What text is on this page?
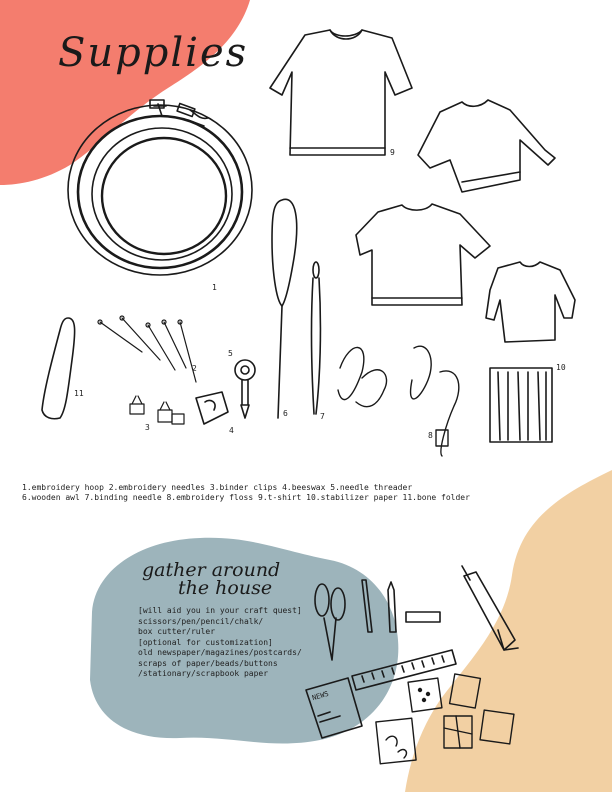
Supplies
1
2
3	4
5
6	7
8
9
10
11
1.embroidery hoop 2.embroidery needles 3.binder clips 4.beeswax 5.needle threader
6.wooden awl 7.binding needle 8.embroidery floss 9.t-shirt 10.stabilizer paper 11.bone folder
gather around
the house
[will aid you in your craft quest]
scissors/pen/pencil/chalk/
box cutter/ruler
[optional for customization]
old newspaper/magazines/postcards/
scraps of paper/beads/buttons
/stationary/scrapbook paper
NEWS
